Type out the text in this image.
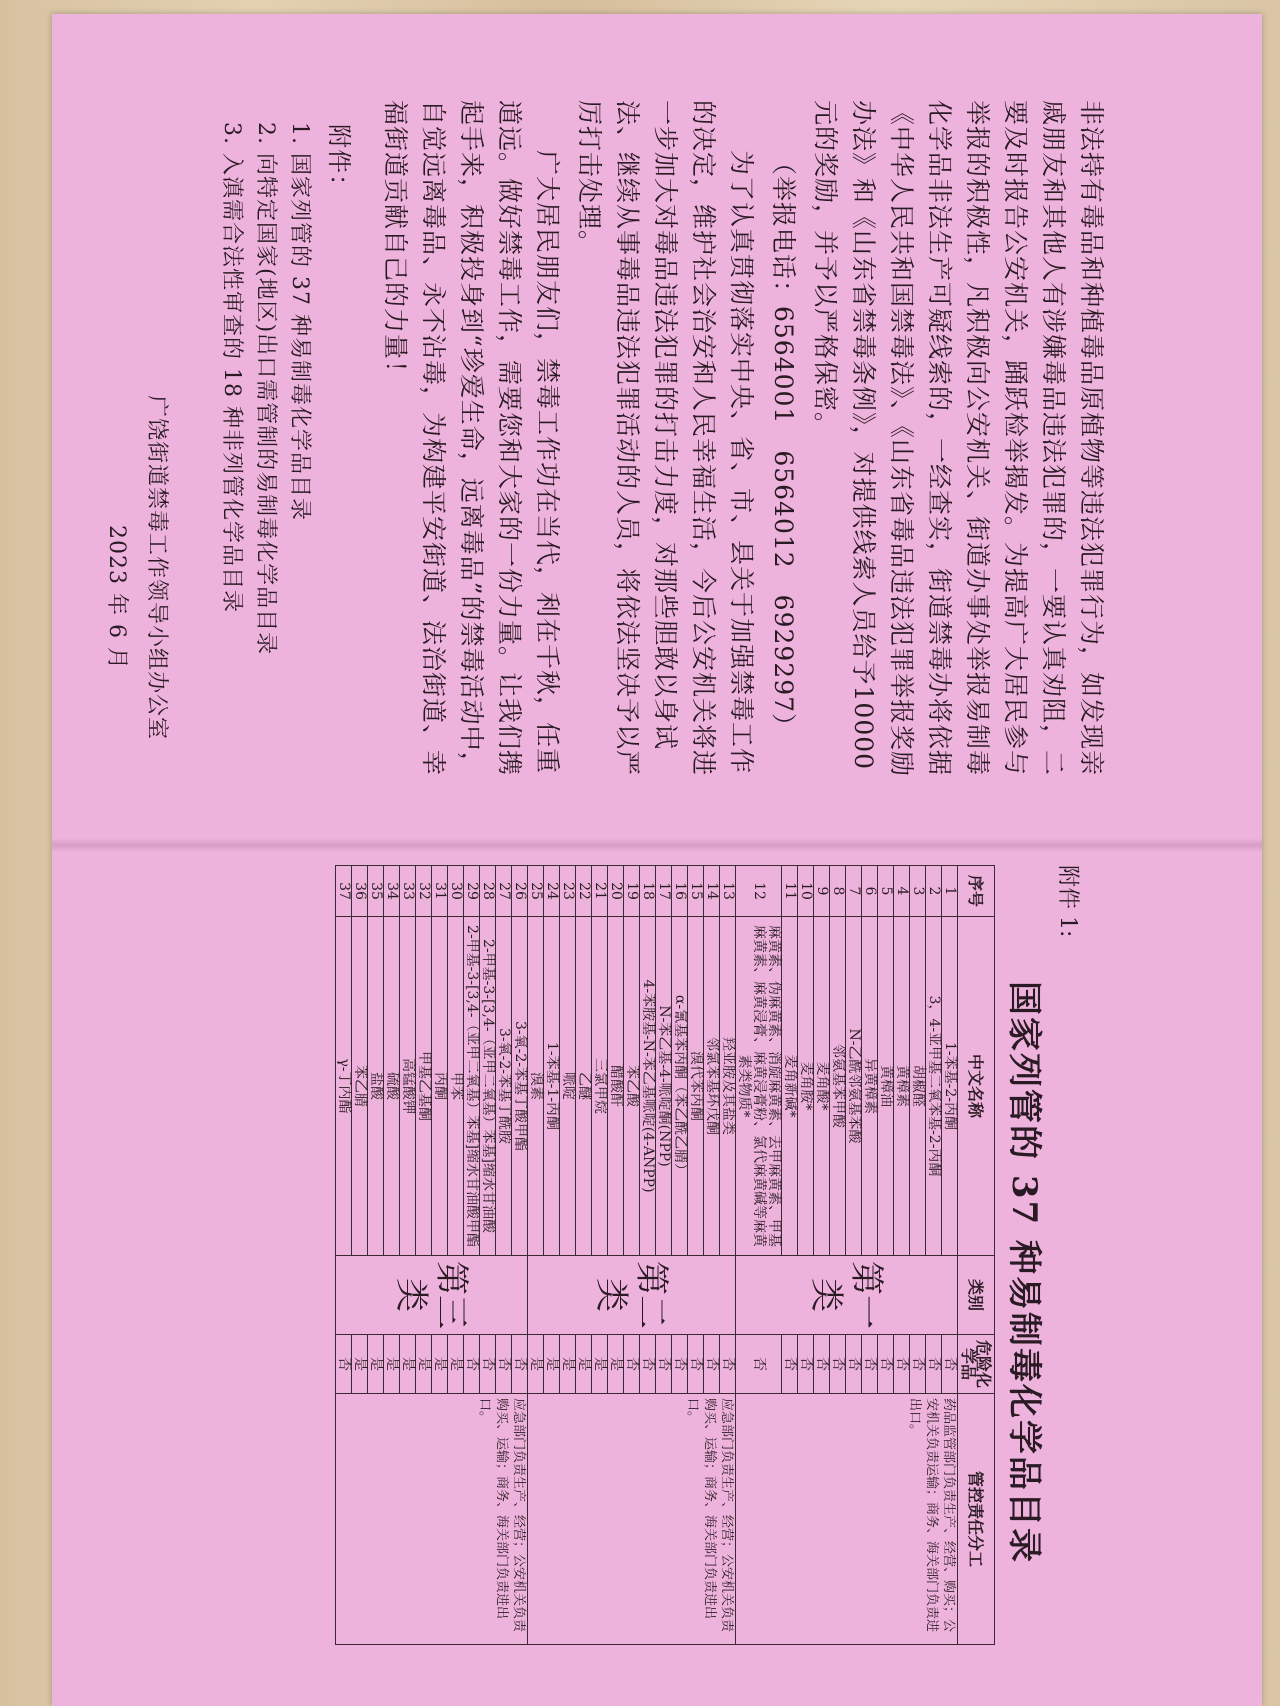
非法持有毒品和种植毒品原植物等违法犯罪行为，如发现亲戚朋友和其他人有涉嫌毒品违法犯罪的，一要认真劝阻，二要及时报告公安机关，踊跃检举揭发。为提高广大居民参与举报的积极性，凡积极向公安机关、街道办事处举报易制毒化学品非法生产可疑线索的，一经查实，街道禁毒办将依据《中华人民共和国禁毒法》、《山东省毒品违法犯罪举报奖励办法》和《山东省禁毒条例》，对提供线索人员给予10000元的奖励，并予以严格保密。

（举报电话：6564001　6564012　6929297）

为了认真贯彻落实中央、省、市、县关于加强禁毒工作的决定，维护社会治安和人民幸福生活，今后公安机关将进一步加大对毒品违法犯罪的打击力度，对那些胆敢以身试法、继续从事毒品违法犯罪活动的人员，将依法坚决予以严厉打击处理。

广大居民朋友们，禁毒工作功在当代，利在千秋，任重道远。做好禁毒工作，需要您和大家的一份力量。让我们携起手来，积极投身到“珍爱生命，远离毒品”的禁毒活动中，自觉远离毒品、永不沾毒，为构建平安街道、法治街道、幸福街道贡献自己的力量！

附件：

1. 国家列管的 37 种易制毒化学品目录

2. 向特定国家(地区)出口需管制的易制毒化学品目录

3. 入滇需合法性审查的 18 种非列管化学品目录

广饶街道禁毒工作领导小组办公室

2023 年 6 月

附件 1:

国家列管的 37 种易制毒化学品目录
序号	中文名称	类别	危险化学品	管控责任分工
1	1-苯基-2-丙酮	第一类	否	药品监管部门负责生产、经营、购买；公安机关负责运输；商务、海关部门负责进出口。
2	3，4-亚甲基二氧苯基-2-丙酮		否	
3	胡椒醛		否	
4	黄樟素		否	
5	黄樟油		否	
6	异黄樟素		否	
7	N-乙酰邻氨基苯酸		否	
8	邻氨基苯甲酸		否	
9	麦角酸*		否	
10	麦角胺*		否	
11	麦角新碱*		否	
12	麻黄素、伪麻黄素、消旋麻黄素、去甲麻黄素、甲基麻黄素、麻黄浸膏、麻黄浸膏粉、氯代麻黄碱等麻黄素类物质*		否	
13	羟亚胺及其盐类	第二类	否	应急部门负责生产、经营；公安机关负责购买、运输；商务、海关部门负责进出口。
14	邻氯苯基环戊酮		否	
15	溴代苯丙酮		否	
16	α-氰基苯丙酮（苯乙酰乙腈）		否	
17	N-苯乙基-4-哌啶酮(NPP)		否	
18	4-苯胺基-N-苯乙基哌啶(4-ANPP)		否	
19	苯乙酸		否	
20	醋酸酐		是	
21	三氯甲烷		是	
22	乙醚		是	
23	哌啶		是	
24	1-苯基-1-丙酮		是	
25	溴素		是	
26	3-氧-2-苯基丁酸甲酯	第三类	否	应急部门负责生产、经营；公安机关负责购买、运输；商务、海关部门负责进出口。
27	3-氧-2-苯基丁酰胺		否	
28	2-甲基-3-[3,4-（亚甲二氧基）苯基]缩水甘油酸		否	
29	2-甲基-3-[3,4-（亚甲二氧基）苯基]缩水甘油酸甲酯		否	
30	甲苯		是	
31	丙酮		是	
32	甲基乙基酮		是	
33	高锰酸钾		是	
34	硫酸		是	
35	盐酸		是	
36	苯乙腈		是	
37	γ-丁内酯		否	
